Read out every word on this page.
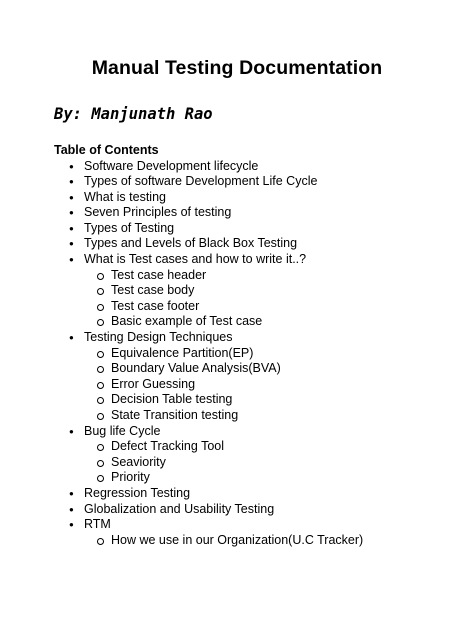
Manual Testing Documentation
By: Manjunath Rao
Table of Contents
● Software Development lifecycle
● Types of software Development Life Cycle
● What is testing
● Seven Principles of testing
● Types of Testing
● Types and Levels of Black Box Testing
● What is Test cases and how to write it..?
Test case header
Test case body
Test case footer
Basic example of Test case
● Testing Design Techniques
Equivalence Partition(EP)
Boundary Value Analysis(BVA)
Error Guessing
Decision Table testing
State Transition testing
● Bug life Cycle
Defect Tracking Tool
Seaviority
Priority
● Regression Testing
● Globalization and Usability Testing
● RTM
How we use in our Organization(U.C Tracker)
